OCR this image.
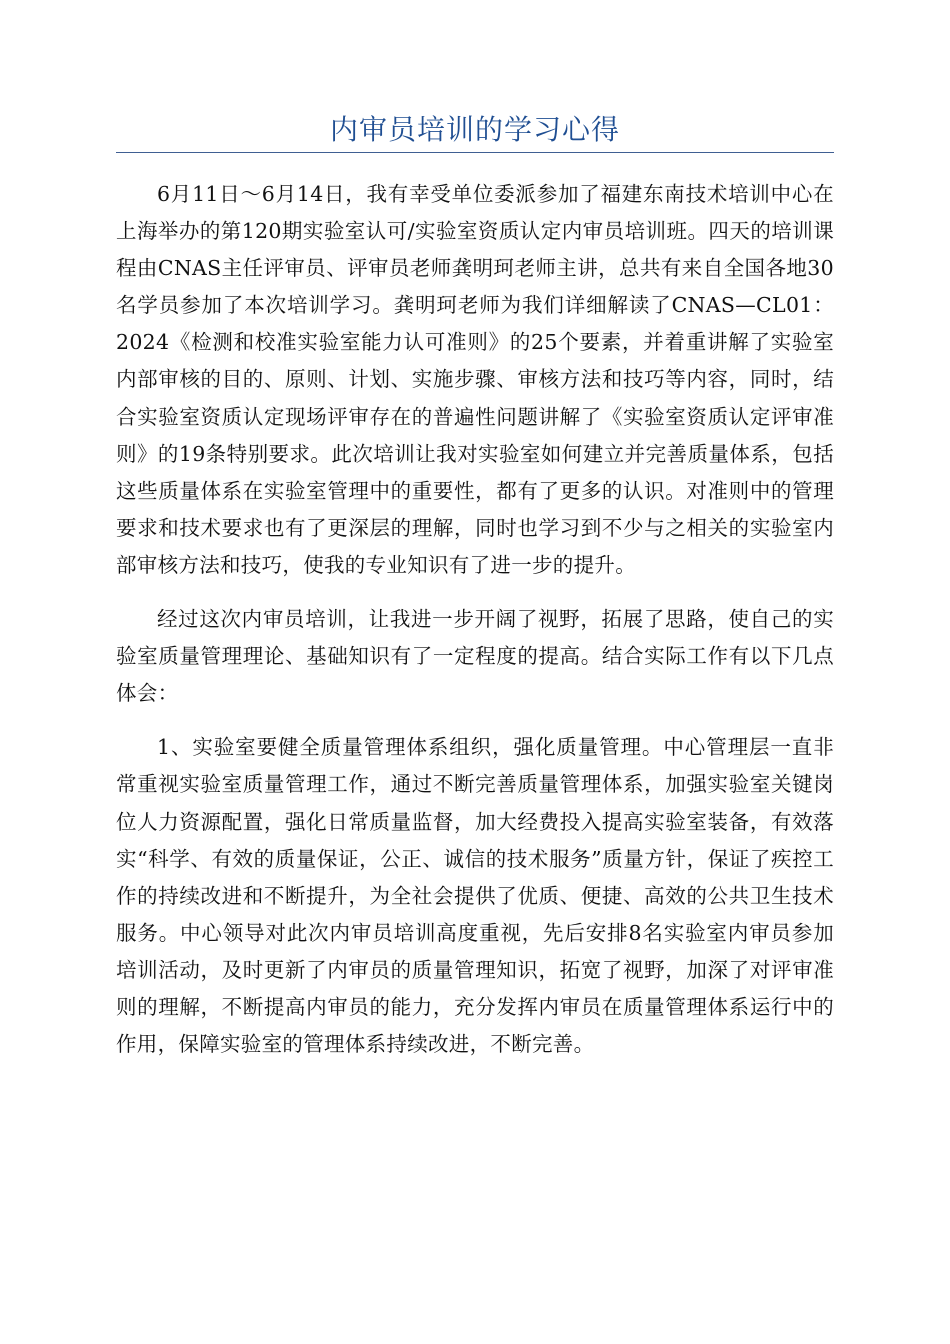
内审员培训的学习心得

6月11日～6月14日，我有幸受单位委派参加了福建东南技术培训中心在上海举办的第120期实验室认可/实验室资质认定内审员培训班。四天的培训课程由CNAS主任评审员、评审员老师龚明珂老师主讲，总共有来自全国各地30名学员参加了本次培训学习。龚明珂老师为我们详细解读了CNAS—CL01：2024《检测和校准实验室能力认可准则》的25个要素，并着重讲解了实验室内部审核的目的、原则、计划、实施步骤、审核方法和技巧等内容，同时，结合实验室资质认定现场评审存在的普遍性问题讲解了《实验室资质认定评审准则》的19条特别要求。此次培训让我对实验室如何建立并完善质量体系，包括这些质量体系在实验室管理中的重要性，都有了更多的认识。对准则中的管理要求和技术要求也有了更深层的理解，同时也学习到不少与之相关的实验室内部审核方法和技巧，使我的专业知识有了进一步的提升。

经过这次内审员培训，让我进一步开阔了视野，拓展了思路，使自己的实验室质量管理理论、基础知识有了一定程度的提高。结合实际工作有以下几点体会：

1、实验室要健全质量管理体系组织，强化质量管理。中心管理层一直非常重视实验室质量管理工作，通过不断完善质量管理体系，加强实验室关键岗位人力资源配置，强化日常质量监督，加大经费投入提高实验室装备，有效落实“科学、有效的质量保证，公正、诚信的技术服务”质量方针，保证了疾控工作的持续改进和不断提升，为全社会提供了优质、便捷、高效的公共卫生技术服务。中心领导对此次内审员培训高度重视，先后安排8名实验室内审员参加培训活动，及时更新了内审员的质量管理知识，拓宽了视野，加深了对评审准则的理解，不断提高内审员的能力，充分发挥内审员在质量管理体系运行中的作用，保障实验室的管理体系持续改进，不断完善。
